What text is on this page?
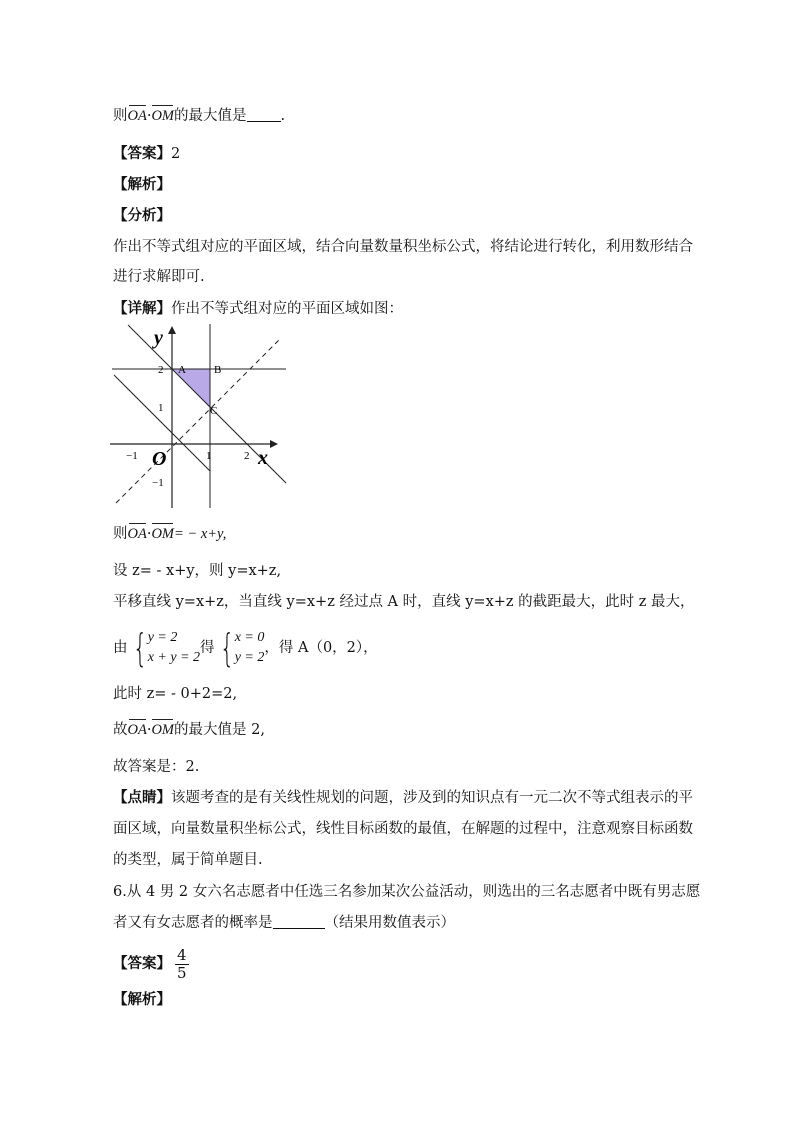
则OA·OM的最大值是 .
【答案】2
【解析】
【分析】
作出不等式组对应的平面区域，结合向量数量积坐标公式，将结论进行转化，利用数形结合
进行求解即可.
【详解】作出不等式组对应的平面区域如图：
y
x
O
−1	1	2
2
1
−1
A	B
C
则OA·OM= − x+y,
设 z= - x+y，则 y=x+z,
平移直线 y=x+z，当直线 y=x+z 经过点 A 时，直线 y=x+z 的截距最大，此时 z 最大，
由 { y = 2
x + y = 2
得 { x = 0
y = 2
，得 A（0，2），
此时 z= - 0+2=2,
故OA·OM的最大值是 2,
故答案是：2.
【点睛】该题考查的是有关线性规划的问题，涉及到的知识点有一元二次不等式组表示的平
面区域，向量数量积坐标公式，线性目标函数的最值，在解题的过程中，注意观察目标函数
的类型，属于简单题目.
6.从 4 男 2 女六名志愿者中任选三名参加某次公益活动，则选出的三名志愿者中既有男志愿
者又有女志愿者的概率是	（结果用数值表示）
【答案】 $\frac{4}{5}$
【解析】
